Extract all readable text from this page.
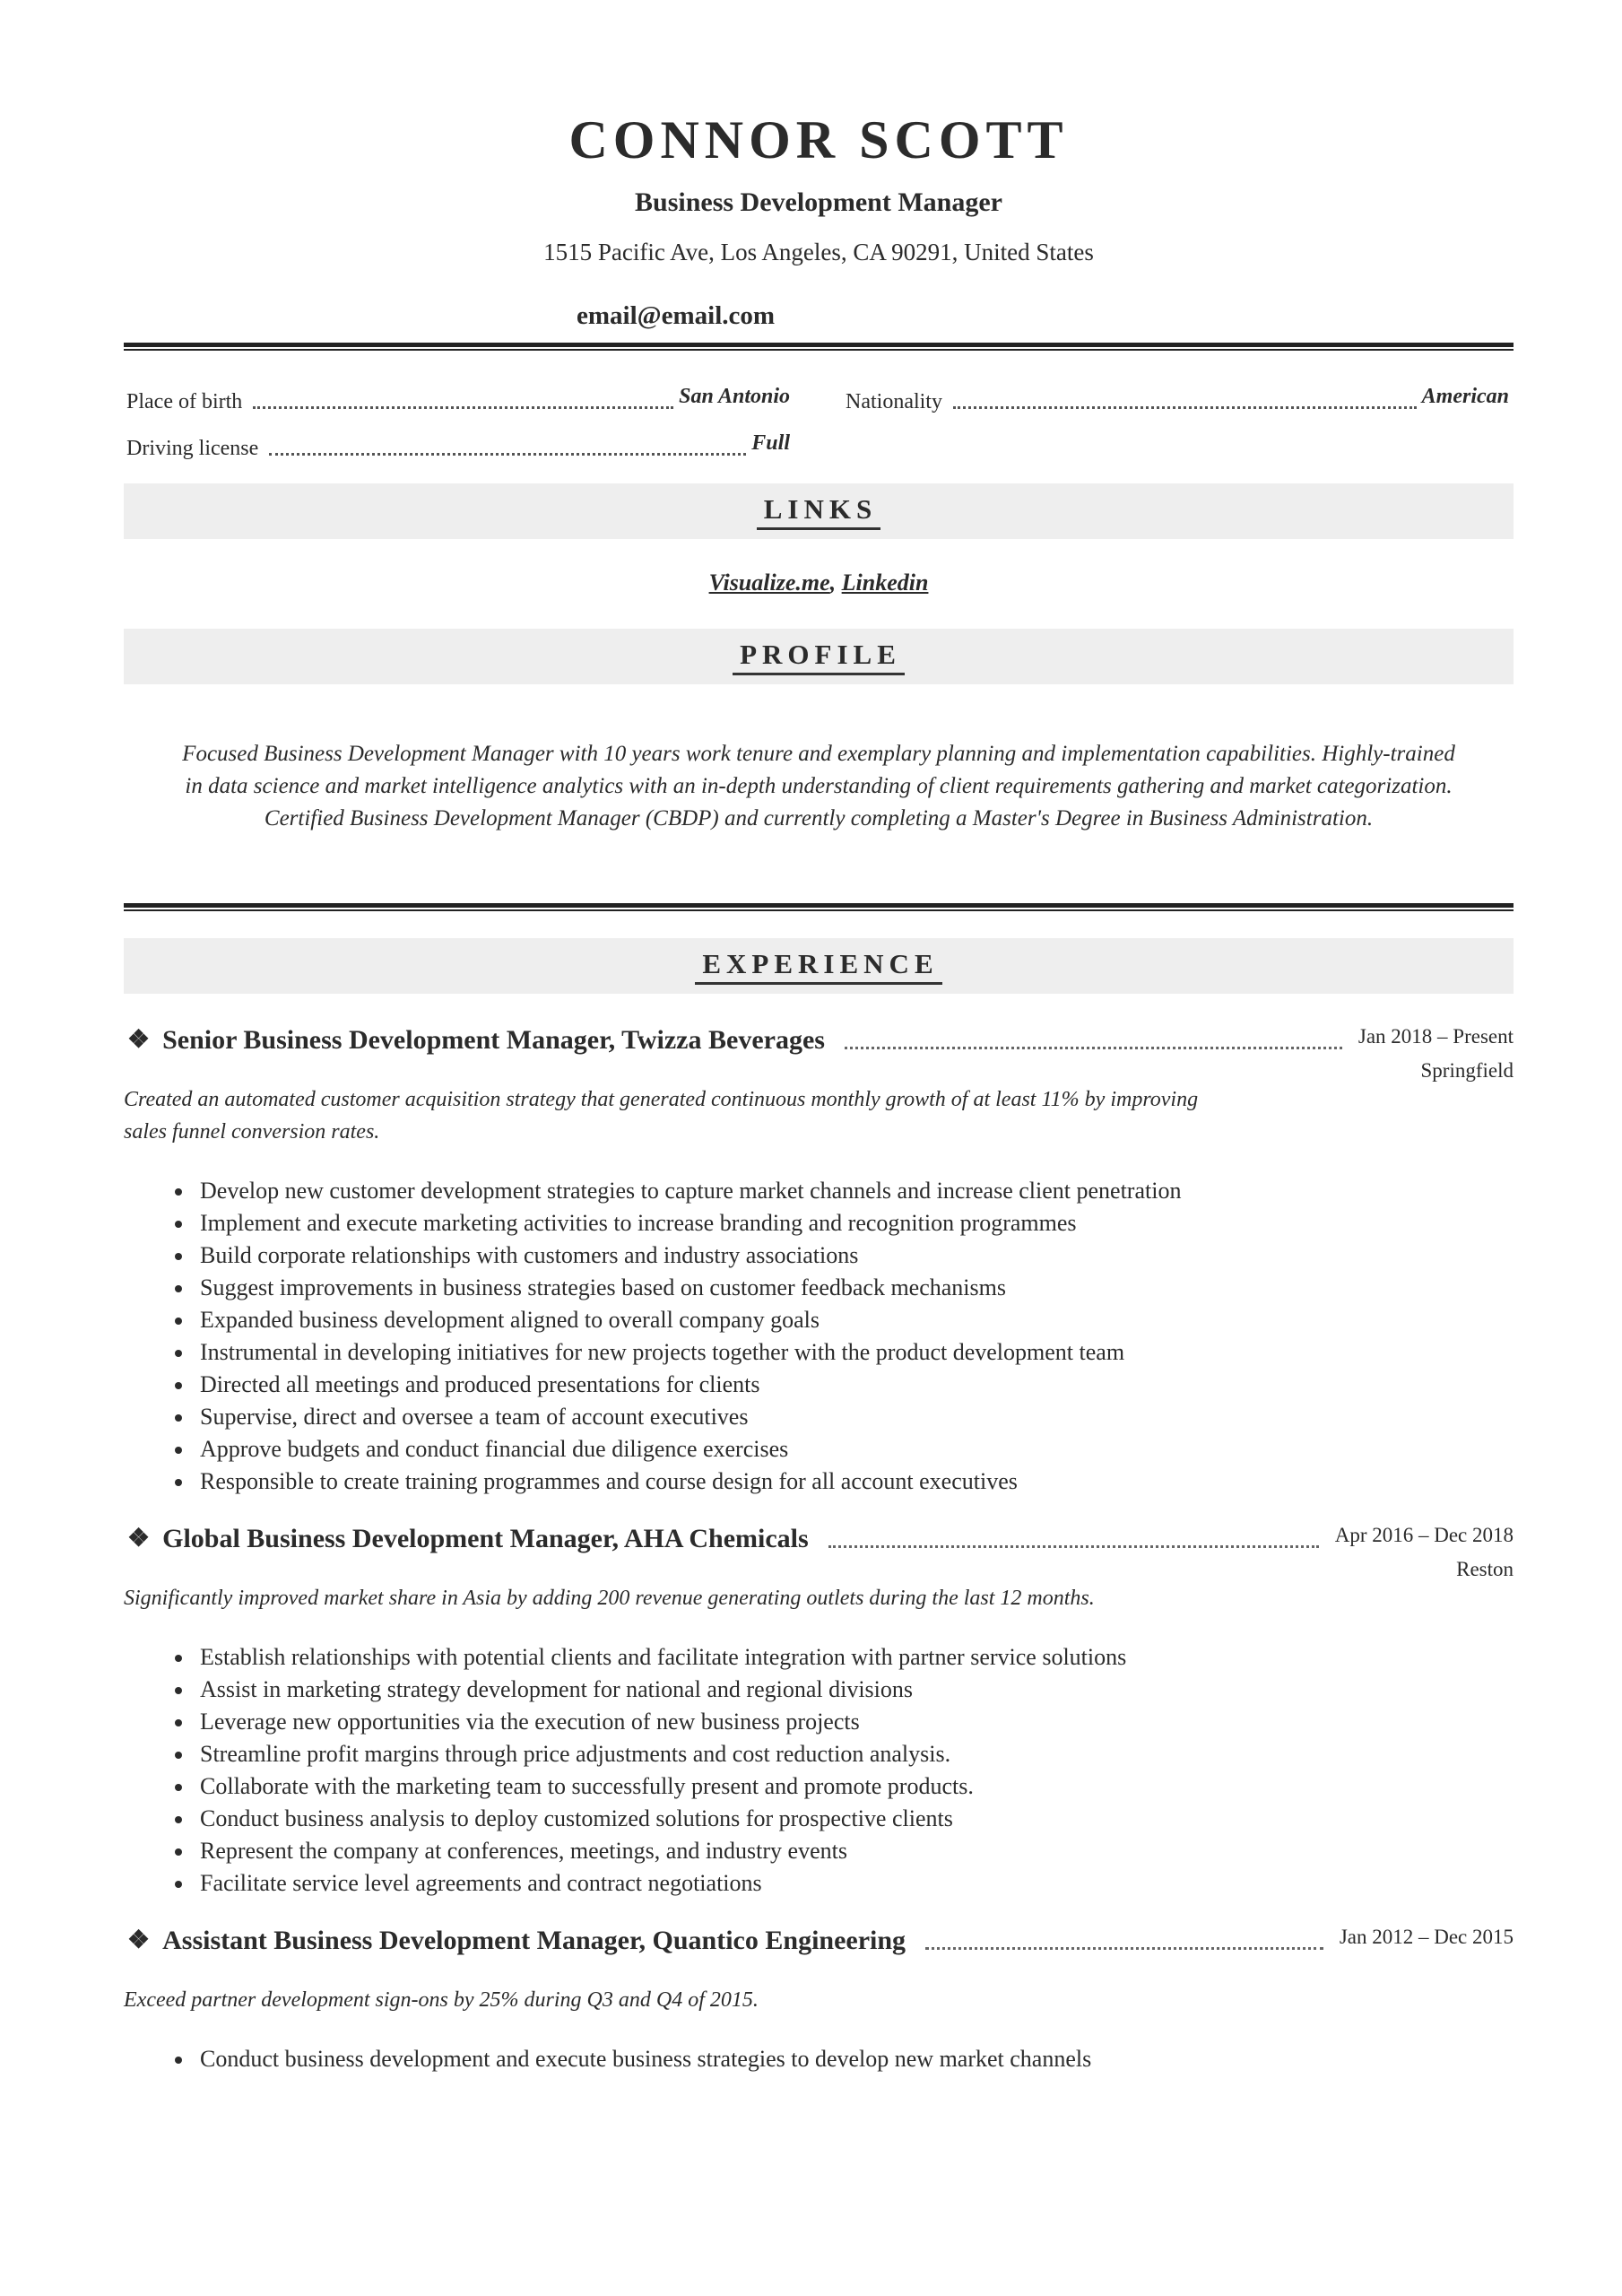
CONNOR SCOTT
Business Development Manager
1515 Pacific Ave, Los Angeles, CA 90291, United States
email@email.com
Place of birth	San Antonio
Driving license	Full
Nationality	American
LINKS
Visualize.me, Linkedin
PROFILE
Focused Business Development Manager with 10 years work tenure and exemplary planning and implementation capabilities. Highly-trained in data science and market intelligence analytics with an in-depth understanding of client requirements gathering and market categorization. Certified Business Development Manager (CBDP) and currently completing a Master's Degree in Business Administration.
EXPERIENCE
❖ Senior Business Development Manager, Twizza Beverages	Jan 2018 – Present
Springfield
Created an automated customer acquisition strategy that generated continuous monthly growth of at least 11% by improving sales funnel conversion rates.
• Develop new customer development strategies to capture market channels and increase client penetration
• Implement and execute marketing activities to increase branding and recognition programmes
• Build corporate relationships with customers and industry associations
• Suggest improvements in business strategies based on customer feedback mechanisms
• Expanded business development aligned to overall company goals
• Instrumental in developing initiatives for new projects together with the product development team
• Directed all meetings and produced presentations for clients
• Supervise, direct and oversee a team of account executives
• Approve budgets and conduct financial due diligence exercises
• Responsible to create training programmes and course design for all account executives
❖ Global Business Development Manager, AHA Chemicals	Apr 2016 – Dec 2018
Reston
Significantly improved market share in Asia by adding 200 revenue generating outlets during the last 12 months.
• Establish relationships with potential clients and facilitate integration with partner service solutions
• Assist in marketing strategy development for national and regional divisions
• Leverage new opportunities via the execution of new business projects
• Streamline profit margins through price adjustments and cost reduction analysis.
• Collaborate with the marketing team to successfully present and promote products.
• Conduct business analysis to deploy customized solutions for prospective clients
• Represent the company at conferences, meetings, and industry events
• Facilitate service level agreements and contract negotiations
❖ Assistant Business Development Manager, Quantico Engineering	Jan 2012 – Dec 2015
Exceed partner development sign-ons by 25% during Q3 and Q4 of 2015.
• Conduct business development and execute business strategies to develop new market channels
